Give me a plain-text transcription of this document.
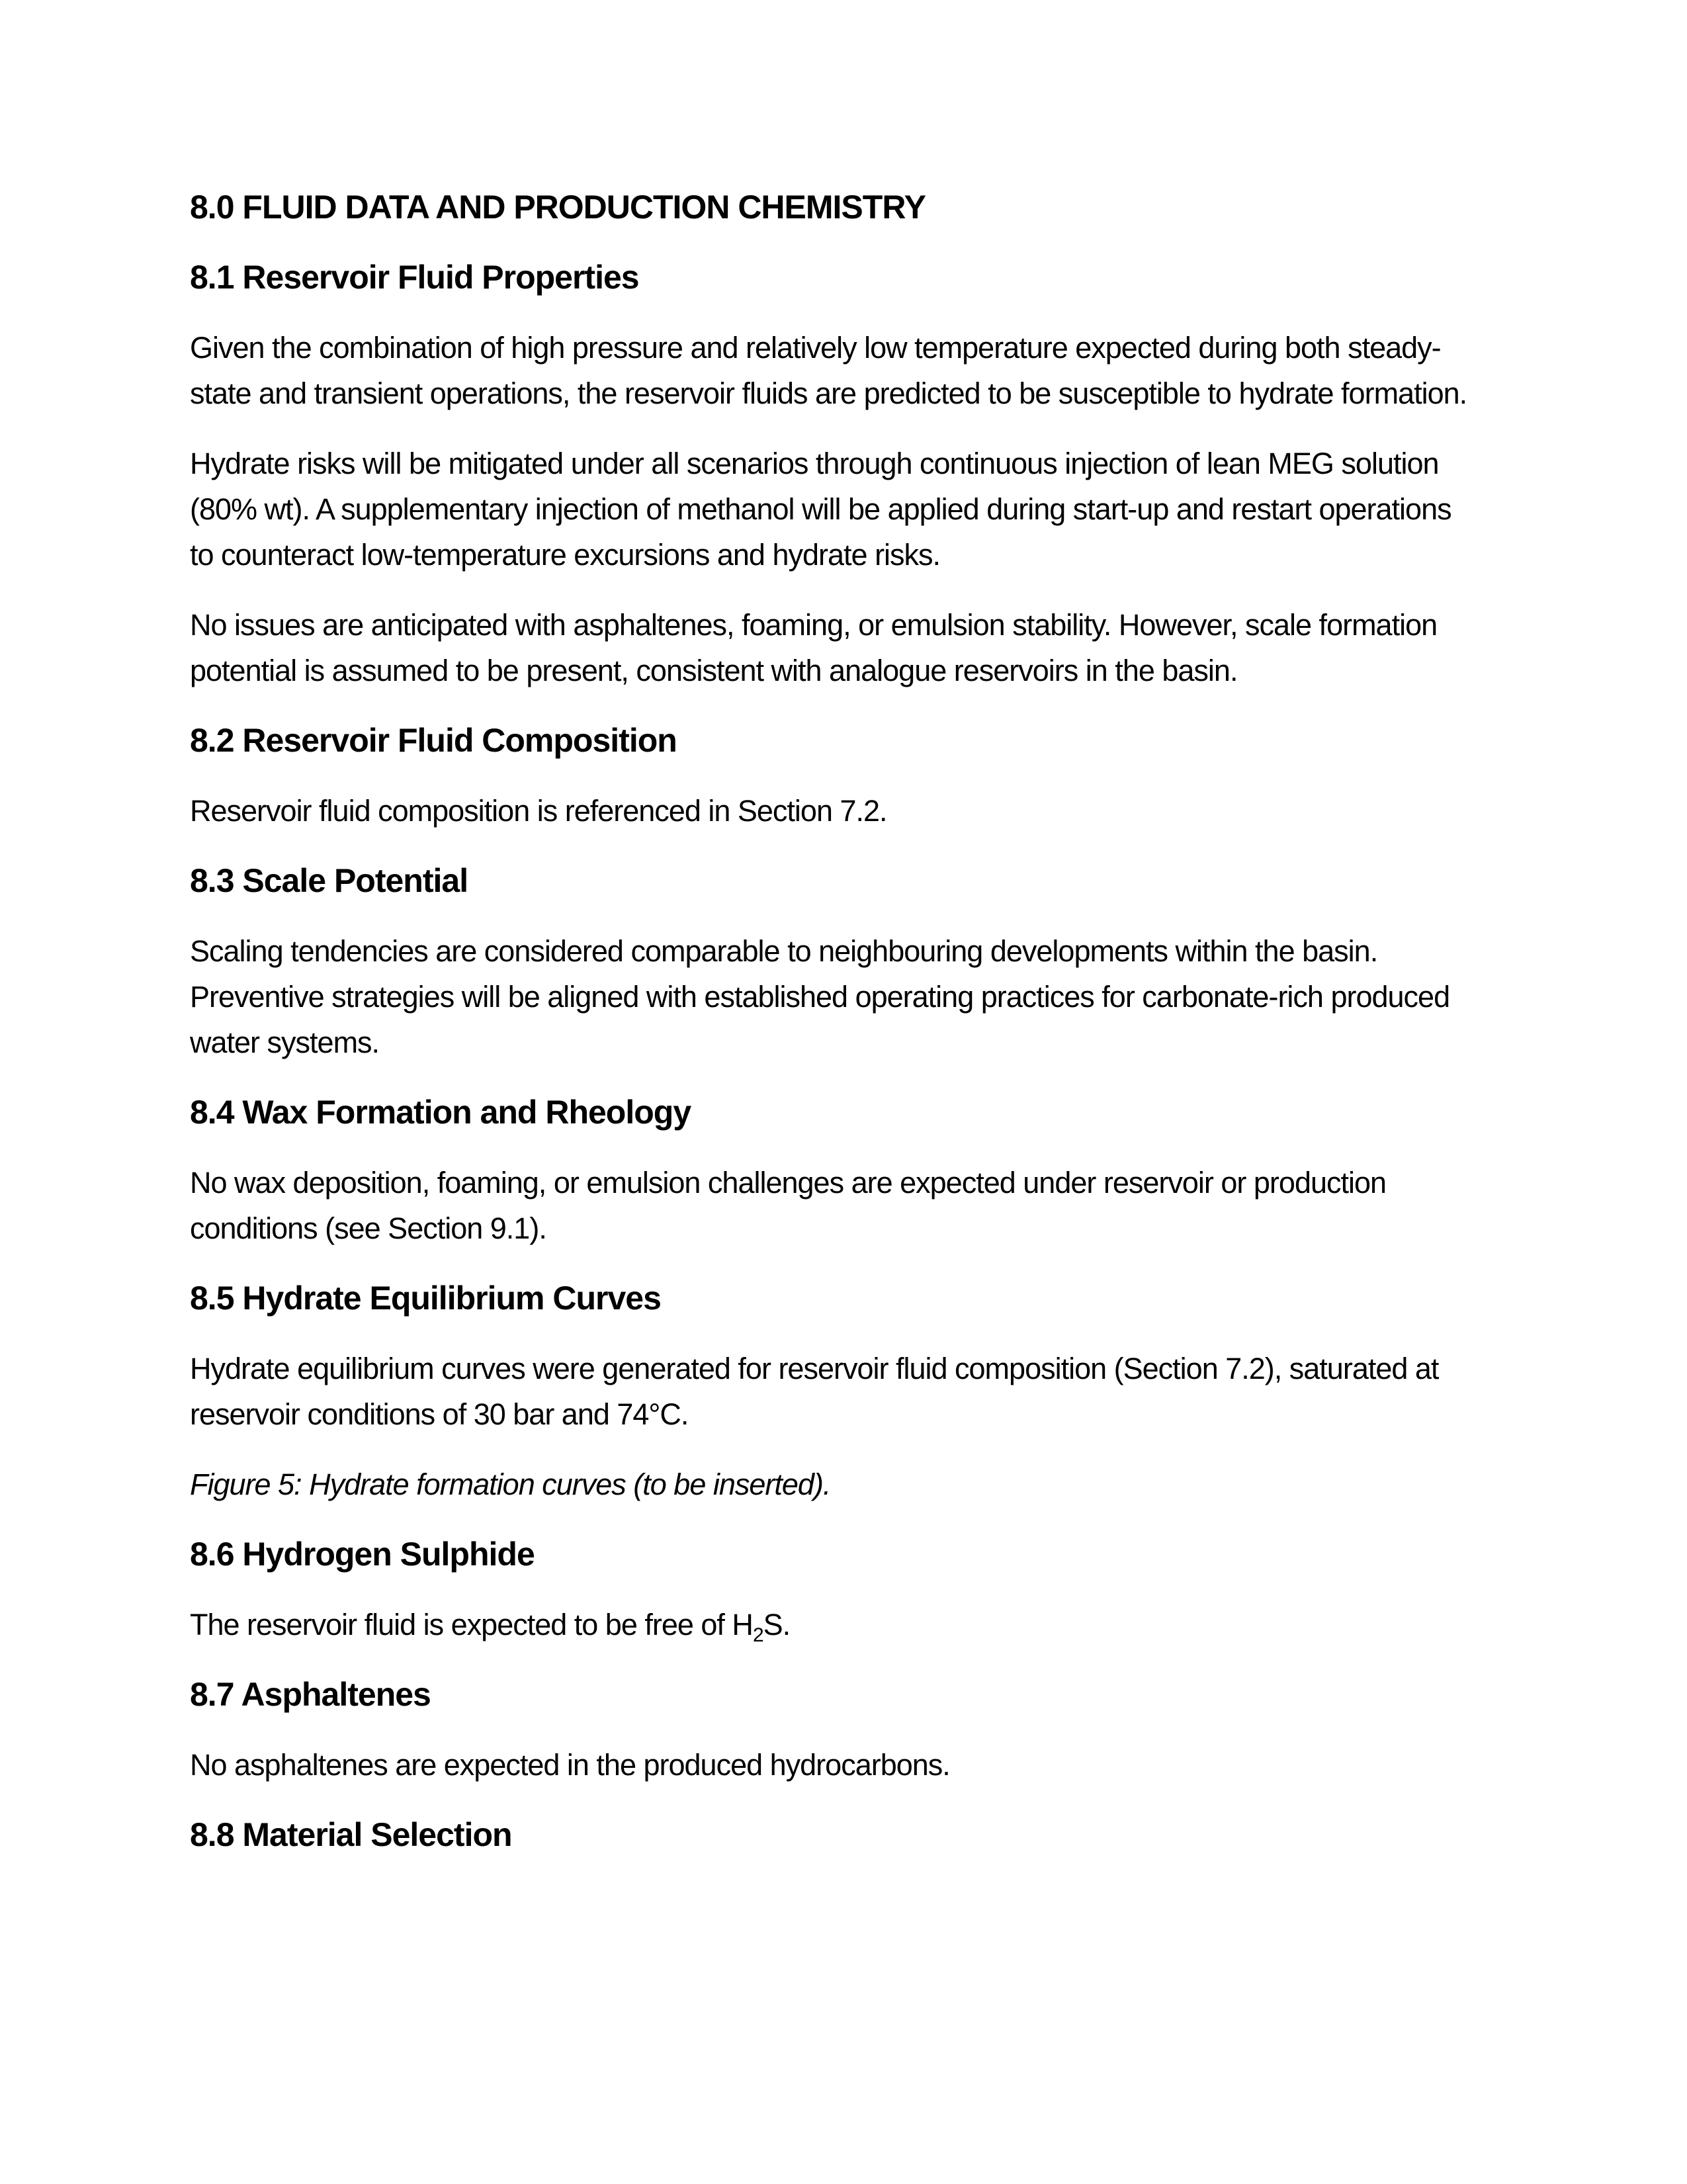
8.0 FLUID DATA AND PRODUCTION CHEMISTRY
8.1 Reservoir Fluid Properties

Given the combination of high pressure and relatively low temperature expected during both steady-state and transient operations, the reservoir fluids are predicted to be susceptible to hydrate formation.

Hydrate risks will be mitigated under all scenarios through continuous injection of lean MEG solution (80% wt). A supplementary injection of methanol will be applied during start-up and restart operations to counteract low-temperature excursions and hydrate risks.

No issues are anticipated with asphaltenes, foaming, or emulsion stability. However, scale formation potential is assumed to be present, consistent with analogue reservoirs in the basin.

8.2 Reservoir Fluid Composition

Reservoir fluid composition is referenced in Section 7.2.

8.3 Scale Potential

Scaling tendencies are considered comparable to neighbouring developments within the basin. Preventive strategies will be aligned with established operating practices for carbonate-rich produced water systems.

8.4 Wax Formation and Rheology

No wax deposition, foaming, or emulsion challenges are expected under reservoir or production conditions (see Section 9.1).

8.5 Hydrate Equilibrium Curves

Hydrate equilibrium curves were generated for reservoir fluid composition (Section 7.2), saturated at reservoir conditions of 30 bar and 74°C.

Figure 5: Hydrate formation curves (to be inserted).

8.6 Hydrogen Sulphide

The reservoir fluid is expected to be free of $H_2S$.

8.7 Asphaltenes

No asphaltenes are expected in the produced hydrocarbons.

8.8 Material Selection
